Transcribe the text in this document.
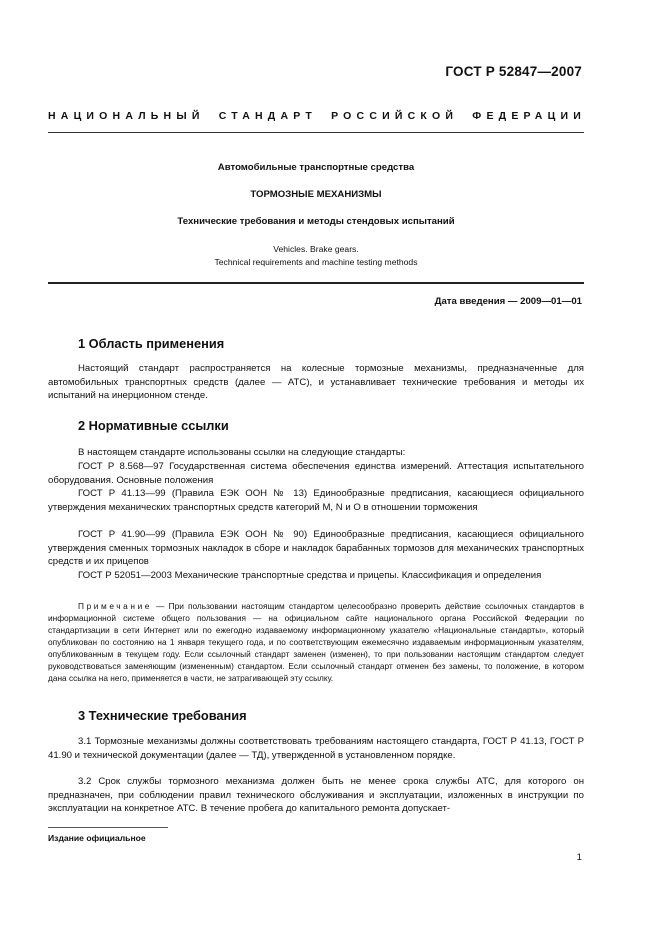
ГОСТ Р 52847—2007
НАЦИОНАЛЬНЫЙ СТАНДАРТ РОССИЙСКОЙ ФЕДЕРАЦИИ
Автомобильные транспортные средства
ТОРМОЗНЫЕ МЕХАНИЗМЫ
Технические требования и методы стендовых испытаний
Vehicles. Brake gears.
Technical requirements and machine testing methods
Дата введения — 2009—01—01
1 Область применения

Настоящий стандарт распространяется на колесные тормозные механизмы, предназначенные для автомобильных транспортных средств (далее — АТС), и устанавливает технические требования и методы их испытаний на инерционном стенде.

2 Нормативные ссылки

В настоящем стандарте использованы ссылки на следующие стандарты:

ГОСТ Р 8.568—97 Государственная система обеспечения единства измерений. Аттестация испытательного оборудования. Основные положения

ГОСТ Р 41.13—99 (Правила ЕЭК ООН № 13) Единообразные предписания, касающиеся официального утверждения механических транспортных средств категорий М, N и О в отношении торможения

ГОСТ Р 41.90—99 (Правила ЕЭК ООН № 90) Единообразные предписания, касающиеся официального утверждения сменных тормозных накладок в сборе и накладок барабанных тормозов для механических транспортных средств и их прицепов

ГОСТ Р 52051—2003 Механические транспортные средства и прицепы. Классификация и определения

Примечание — При пользовании настоящим стандартом целесообразно проверить действие ссылочных стандартов в информационной системе общего пользования — на официальном сайте национального органа Российской Федерации по стандартизации в сети Интернет или по ежегодно издаваемому информационному указателю «Национальные стандарты», который опубликован по состоянию на 1 января текущего года, и по соответствующим ежемесячно издаваемым информационным указателям, опубликованным в текущем году. Если ссылочный стандарт заменен (изменен), то при пользовании настоящим стандартом следует руководствоваться заменяющим (измененным) стандартом. Если ссылочный стандарт отменен без замены, то положение, в котором дана ссылка на него, применяется в части, не затрагивающей эту ссылку.

3 Технические требования

3.1 Тормозные механизмы должны соответствовать требованиям настоящего стандарта, ГОСТ Р 41.13, ГОСТ Р 41.90 и технической документации (далее — ТД), утвержденной в установленном порядке.

3.2 Срок службы тормозного механизма должен быть не менее срока службы АТС, для которого он предназначен, при соблюдении правил технического обслуживания и эксплуатации, изложенных в инструкции по эксплуатации на конкретное АТС. В течение пробега до капитального ремонта допускает-

Издание официальное
1
